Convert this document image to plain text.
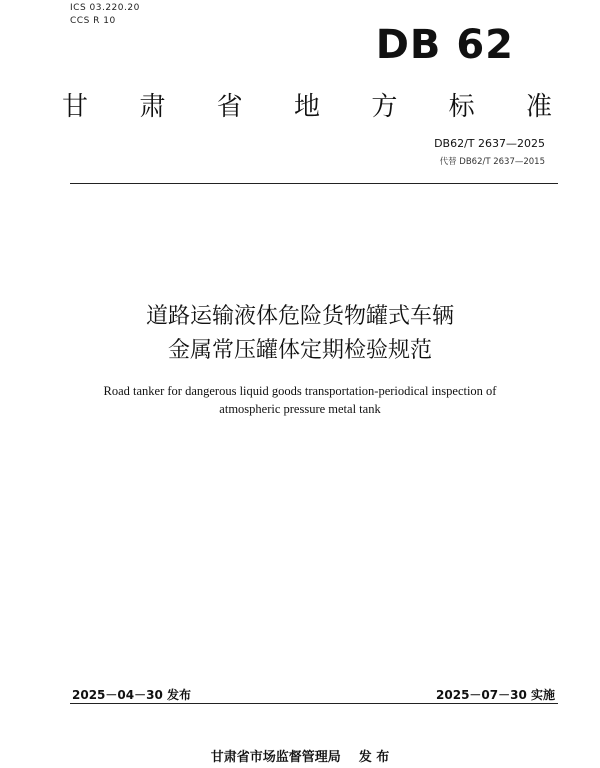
ICS 03.220.20
CCS R 10
DB 62
甘 肃 省 地 方 标 准
DB62/T 2637—2025
代替 DB62/T 2637—2015
道路运输液体危险货物罐式车辆
金属常压罐体定期检验规范
Road tanker for dangerous liquid goods transportation-periodical inspection of
atmospheric pressure metal tank
2025－04－30 发布	2025－07－30 实施
甘肃省市场监督管理局 发 布
